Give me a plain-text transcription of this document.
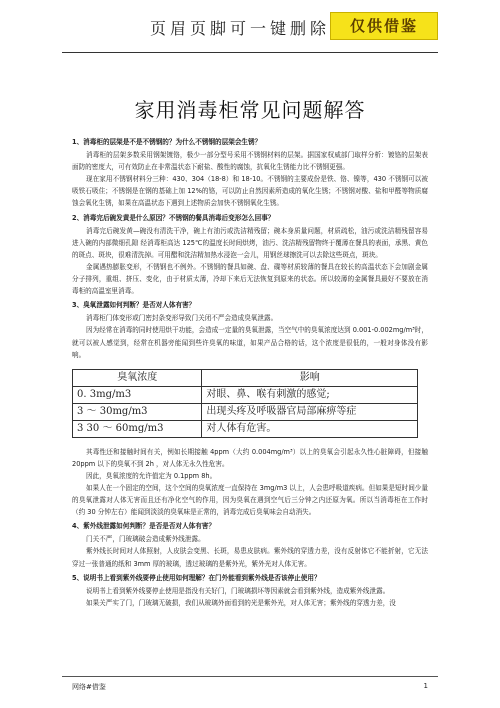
页眉页脚可一键删除	仅供借鉴
家用消毒柜常见问题解答
1、消毒柜的层架是不是不锈钢的？为什么不锈钢的层架会生锈？
消毒柜的层架多数采用钢架镀铬，极少一部分型号采用不锈钢材料的层架。据国家权威部门取样分析：镀铬的层架表面防的密度大，可有效防止在非常温状态下耐盐、酸性的腐蚀，抗氧化生锈能力比不锈钢更强。
现在家用不锈钢材料分三种：430、304（18-8）和 18-10。不锈钢的主要成份是铁、铬、镍等，430 不锈钢可以被吸铁石吸住；不锈钢是在钢的基础上加 12%的铬，可以防止自然因素所造成的氧化生锈；不锈钢对酸、盐和甲醛等物质腐蚀会氧化生锈，如果在高温状态下遇到上述物质会加快不锈钢氧化生锈。
2、消毒完后碗发黄是什么原因？不锈钢的餐具消毒后变形怎么回事？
消毒完后碗发黄—碗没有清洗干净，碗上有油污或洗洁精残留；碗本身质量问题，材质疏松，油污或洗洁精残留容易进入碗的内部微细孔隙 经消毒柜高达 125℃的温度长时间烘烤，油污、洗洁精残留物终于覆薄在餐具的表面，承黑、黄色的斑点、斑块，很难清洗掉。可用醋和洗洁精加热水浸泡一会儿，用钢丝球擦洗可以去除这些斑点，斑块。
金属遇热膨胀变形，不锈钢也不例外。不锈钢的餐具如碗、盘、碟等材质较薄的餐具在较长的高温状态下会加剧金属分子排列，重组、挤压、变化，由于材质太薄，冷却下来后无法恢复到原来的状态。所以较薄的金属餐具最好不要放在消毒柜的高温室里消毒。
3、臭氧泄露如何判断？是否对人体有害？
消毒柜门体变形或门密封条变形导致门关闭不严会造成臭氧泄露。
因为经常在消毒的同时使用烘干功能，会造成一定量的臭氧泄露，当空气中的臭氧浓度达到 0.001-0.002mg/m³时，就可以被人感觉到，经常在机器旁能闻到些许臭氧的味道，如果产品合格的话，这个浓度是很低的，一般对身体没有影响。
臭氧浓度	影响
0. 3mg/m3	对眼、鼻、喉有刺激的感觉;
3 ～ 30mg/m3	出现头疼及呼吸器官局部麻痹等症
3 30 ～ 60mg/m3	对人体有危害。
其毒性还和接触时间有关，例如长期接触 4ppm（大约 0.004mg/m³）以上的臭氧会引起永久性心脏障碍，但接触 20ppm 以下的臭氧不到 2h ，对人体无永久性危害。
因此，臭氧浓度的允许值定为 0.1ppm 8h。
如果人在一个固定的空间，这个空间的臭氧浓度一直保持在 3mg/m3 以上，人会患呼吸道疾病。但如果是短时间少量的臭氧泄露对人体无害而且还有净化空气的作用，因为臭氧在遇到空气后三分钟之内还原为氧。所以当消毒柜在工作时（约 30 分钟左右）能闻到淡淡的臭氧味是正常的，消毒完成后臭氧味会自动消失。
4、紫外线泄露如何判断？是否是否对人体有害？
门关不严，门玻璃破会造成紫外线泄露。
紫外线长时间对人体照射，人皮肤会变黑、长斑，易患皮肤病。紫外线的穿透力差，没有反射体它不能折射，它无法穿过一张普通的纸和 3mm 厚的玻璃，透过玻璃的是紫外光，紫外光对人体无害。
5、说明书上看到紫外线要停止使用如何理解？在门外能看到紫外线是否该停止使用？
说明书上看到紫外线要停止使用是指没有关好门，门玻璃损坏等因素就会看到紫外线，造成紫外线泄露。
如果关严实了门，门玻璃无破损，我们从玻璃外面看到的光是紫外光，对人体无害；紫外线的穿透力差，没
网络#借鉴	1
